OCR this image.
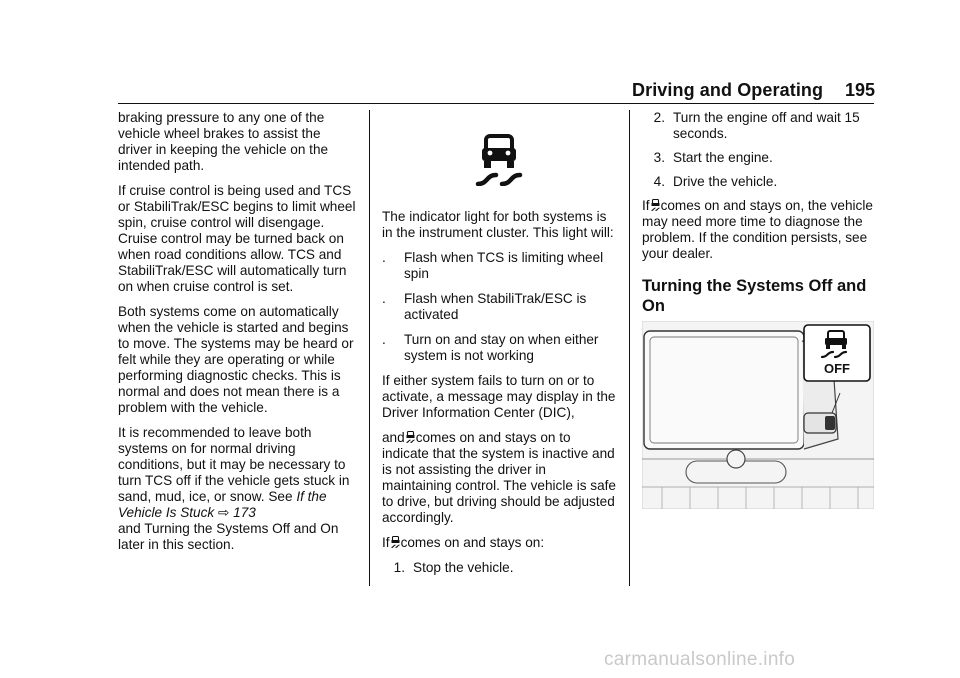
Driving and Operating 195

braking pressure to any one of the vehicle wheel brakes to assist the driver in keeping the vehicle on the intended path.

If cruise control is being used and TCS or StabiliTrak/ESC begins to limit wheel spin, cruise control will disengage. Cruise control may be turned back on when road conditions allow. TCS and StabiliTrak/ESC will automatically turn on when cruise control is set.

Both systems come on automatically when the vehicle is started and begins to move. The systems may be heard or felt while they are operating or while performing diagnostic checks. This is normal and does not mean there is a problem with the vehicle.

It is recommended to leave both systems on for normal driving conditions, but it may be necessary to turn TCS off if the vehicle gets stuck in sand, mud, ice, or snow. See If the Vehicle Is Stuck ⇨ 173
and Turning the Systems Off and On later in this section.

The indicator light for both systems is in the instrument cluster. This light will:

.	Flash when TCS is limiting wheel spin
.	Flash when StabiliTrak/ESC is activated
.	Turn on and stay on when either system is not working

If either system fails to turn on or to activate, a message may display in the Driver Information Center (DIC),

and comes on and stays on to indicate that the system is inactive and is not assisting the driver in maintaining control. The vehicle is safe to drive, but driving should be adjusted accordingly.

If comes on and stays on:

1. Stop the vehicle.
2. Turn the engine off and wait 15 seconds.
3. Start the engine.
4. Drive the vehicle.

If comes on and stays on, the vehicle may need more time to diagnose the problem. If the condition persists, see your dealer.

Turning the Systems Off and On
OFF
carmanualsonline.info
